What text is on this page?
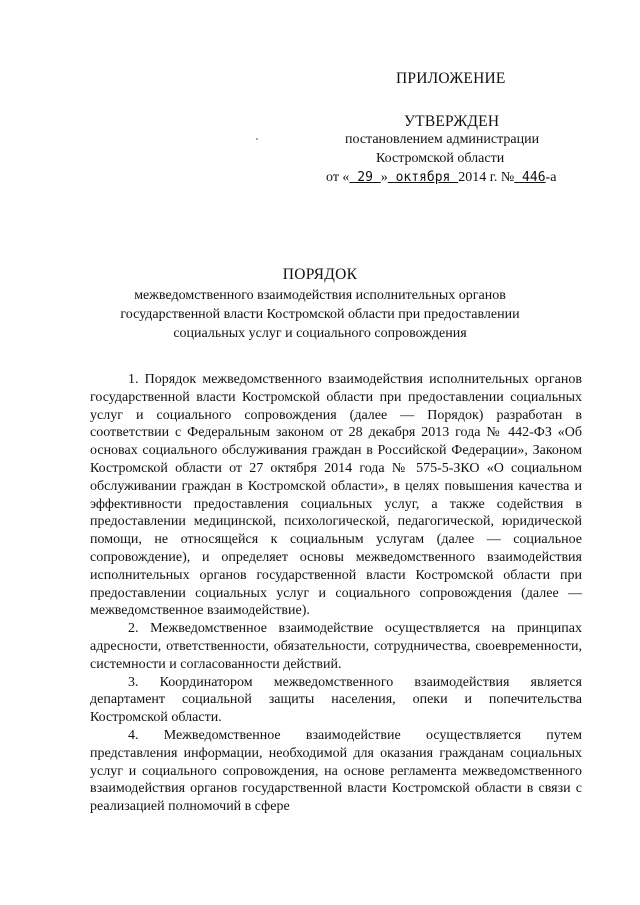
ПРИЛОЖЕНИЕ
УТВЕРЖДЕН
постановлением администрации
Костромской области
от « 29 » октября 2014 г. № 446-а
ПОРЯДОК
межведомственного взаимодействия исполнительных органов
государственной власти Костромской области при предоставлении
социальных услуг и социального сопровождения

1. Порядок межведомственного взаимодействия исполнительных органов государственной власти Костромской области при предоставлении социальных услуг и социального сопровождения (далее — Порядок) разработан в соответствии с Федеральным законом от 28 декабря 2013 года № 442-ФЗ «Об основах социального обслуживания граждан в Российской Федерации», Законом Костромской области от 27 октября 2014 года № 575-5-ЗКО «О социальном обслуживании граждан в Костромской области», в целях повышения качества и эффективности предоставления социальных услуг, а также содействия в предоставлении медицинской, психологической, педагогической, юридической помощи, не относящейся к социальным услугам (далее — социальное сопровождение), и определяет основы межведомственного взаимодействия исполнительных органов государственной власти Костромской области при предоставлении социальных услуг и социального сопровождения (далее — межведомственное взаимодействие).

2. Межведомственное взаимодействие осуществляется на принципах адресности, ответственности, обязательности, сотрудничества, своевременности, системности и согласованности действий.

3. Координатором межведомственного взаимодействия является департамент социальной защиты населения, опеки и попечительства Костромской области.

4. Межведомственное взаимодействие осуществляется путем представления информации, необходимой для оказания гражданам социальных услуг и социального сопровождения, на основе регламента межведомственного взаимодействия органов государственной власти Костромской области в связи с реализацией полномочий в сфере
